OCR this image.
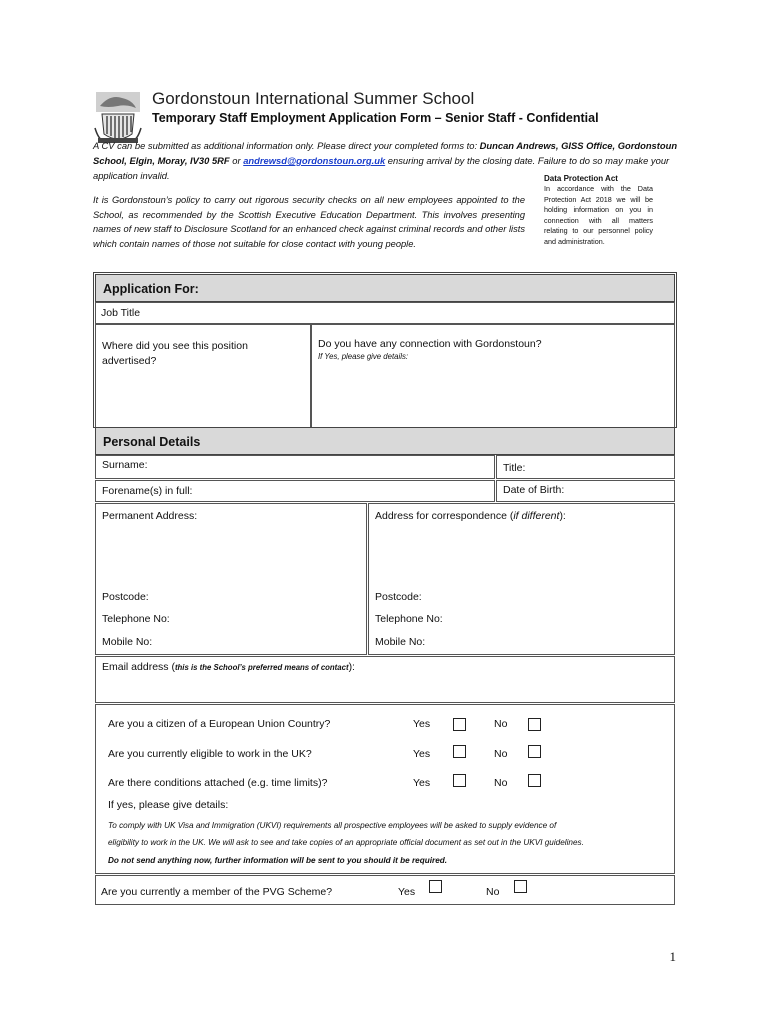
Gordonstoun International Summer School
Temporary Staff Employment Application Form – Senior Staff - Confidential
A CV can be submitted as additional information only. Please direct your completed forms to: Duncan Andrews, GISS Office, Gordonstoun School, Elgin, Moray, IV30 5RF or andrewsd@gordonstoun.org.uk ensuring arrival by the closing date. Failure to do so may make your application invalid.
It is Gordonstoun’s policy to carry out rigorous security checks on all new employees appointed to the School, as recommended by the Scottish Executive Education Department. This involves presenting names of new staff to Disclosure Scotland for an enhanced check against criminal records and other lists which contain names of those not suitable for close contact with young people.
Data Protection Act
In accordance with the Data Protection Act 2018 we will be holding information on you in connection with all matters relating to our personnel policy and administration.
Application For:
Job Title
Where did you see this position advertised?
Do you have any connection with Gordonstoun?
If Yes, please give details:
Personal Details
Surname:	Title:
Forename(s) in full:	Date of Birth:
Permanent Address:
Postcode:
Telephone No:
Mobile No:
Address for correspondence (if different):
Postcode:
Telephone No:
Mobile No:
Email address (this is the School’s preferred means of contact):
Are you a citizen of a European Union Country?	Yes	No
Are you currently eligible to work in the UK?	Yes	No
Are there conditions attached (e.g. time limits)?	Yes	No
If yes, please give details:
To comply with UK Visa and Immigration (UKVI) requirements all prospective employees will be asked to supply evidence of
eligibility to work in the UK. We will ask to see and take copies of an appropriate official document as set out in the UKVI guidelines.
Do not send anything now, further information will be sent to you should it be required.
Are you currently a member of the PVG Scheme?	Yes	No
1
